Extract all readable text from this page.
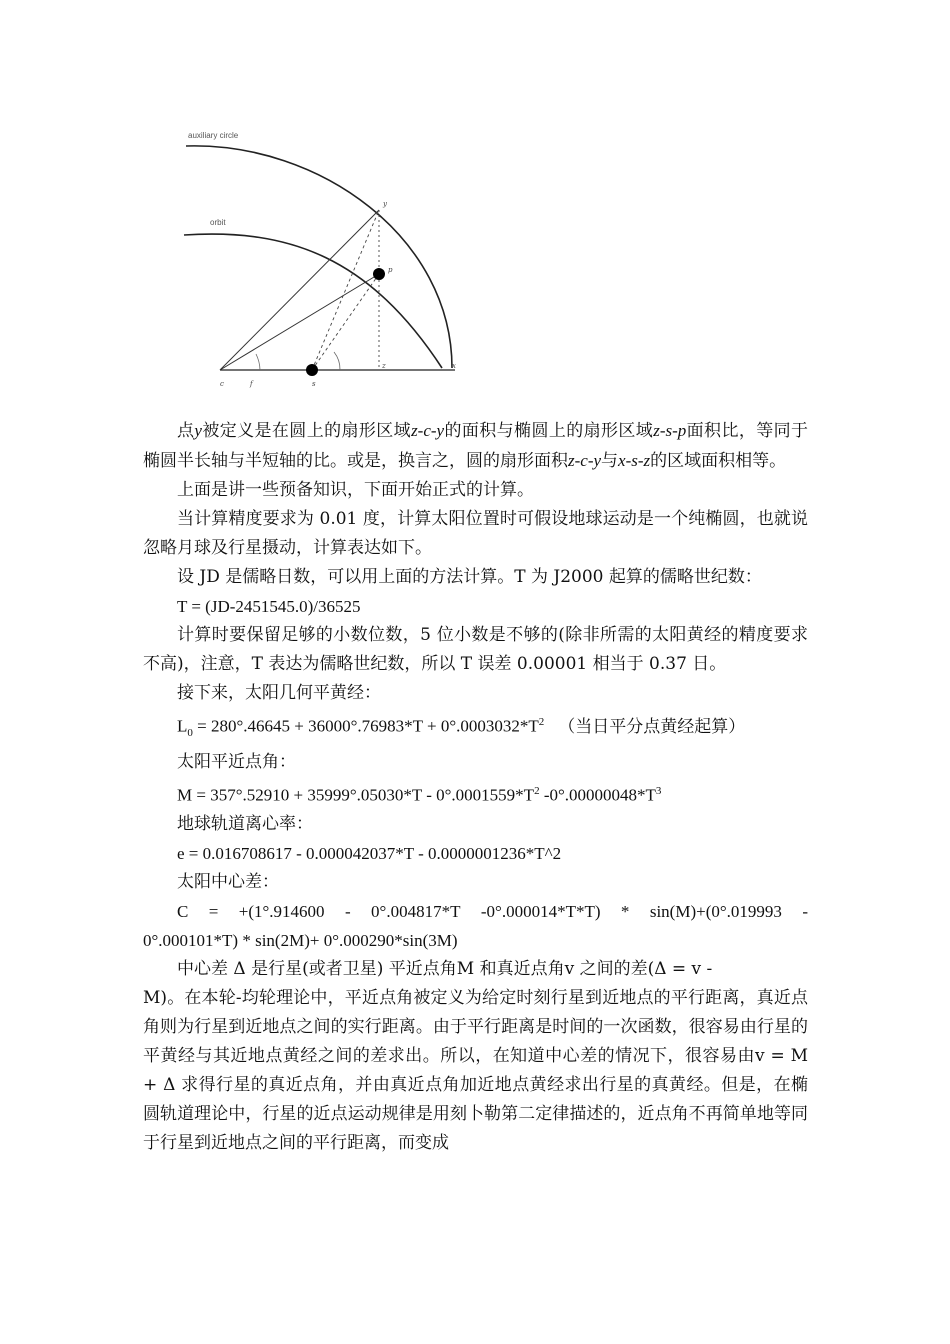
auxiliary circle
orbit
y
p
x
z
c	f	s

点y被定义是在圆上的扇形区域z-c-y的面积与椭圆上的扇形区域z-s-p面积比，等同于椭圆半长轴与半短轴的比。或是，换言之，圆的扇形面积z-c-y与x-s-z的区域面积相等。

上面是讲一些预备知识，下面开始正式的计算。

当计算精度要求为 0.01 度，计算太阳位置时可假设地球运动是一个纯椭圆，也就说忽略月球及行星摄动，计算表达如下。

设 JD 是儒略日数，可以用上面的方法计算。T 为 J2000 起算的儒略世纪数：

T = (JD-2451545.0)/36525

计算时要保留足够的小数位数，5 位小数是不够的(除非所需的太阳黄经的精度要求不高)，注意，T 表达为儒略世纪数，所以 T 误差 0.00001 相当于 0.37 日。

接下来，太阳几何平黄经：

$L_0 = 280^\circ.46645 + 36000^\circ.76983*T + 0^\circ.0003032*T^2$ （当日平分点黄经起算）

太阳平近点角：

$M = 357^\circ.52910 + 35999^\circ.05030*T - 0^\circ.0001559*T^2$ $-0^\circ.00000048*T^3$

地球轨道离心率：

e = 0.016708617 - 0.000042037*T - 0.0000001236*T^2

太阳中心差：

C = +(1°.914600 - 0°.004817*T -0°.000014*T*T) * sin(M)+(0°.019993 -

0°.000101*T) * sin(2M)+ 0°.000290*sin(3M)

中心差 Δ 是行星(或者卫星) 平近点角M 和真近点角v 之间的差(Δ = v -

M)。在本轮-均轮理论中，平近点角被定义为给定时刻行星到近地点的平行距离，真近点角则为行星到近地点之间的实行距离。由于平行距离是时间的一次函数，很容易由行星的平黄经与其近地点黄经之间的差求出。所以，在知道中心差的情况下，很容易由v = M + Δ 求得行星的真近点角，并由真近点角加近地点黄经求出行星的真黄经。但是，在椭圆轨道理论中，行星的近点运动规律是用刻卜勒第二定律描述的，近点角不再简单地等同于行星到近地点之间的平行距离，而变成
